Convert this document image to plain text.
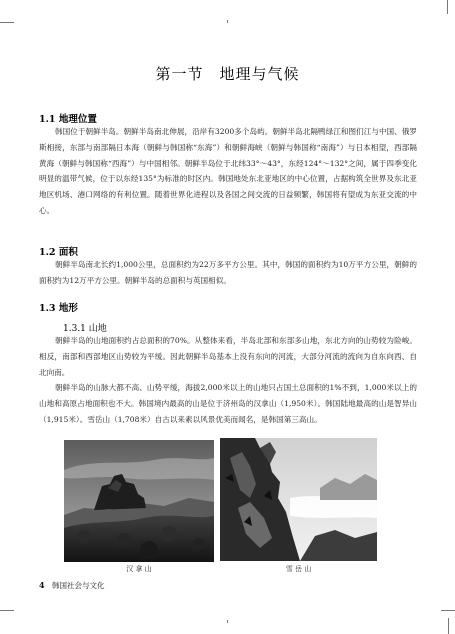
第一节　地理与气候
1.1 地理位置

韩国位于朝鲜半岛。朝鲜半岛南北伸展，沿岸有3200多个岛屿。朝鲜半岛北隔鸭绿江和图们江与中国、俄罗斯相接，东部与南部隔日本海（朝鲜与韩国称“东海”）和朝鲜海峡（朝鲜与韩国称“南海”）与日本相望，西部隔黄海（朝鲜与韩国称“西海”）与中国相邻。朝鲜半岛位于北纬33°～43°，东经124°～132°之间，属于四季变化明显的温带气候，位于以东经135°为标准的时区内。韩国地处东北亚地区的中心位置，占据构筑全世界及东北亚地区机场、港口网络的有利位置。随着世界化进程以及各国之间交流的日益频繁，韩国将有望成为东亚交流的中心。

1.2 面积

朝鲜半岛南北长约1,000公里，总面积约为22万多平方公里。其中，韩国的面积约为10万平方公里，朝鲜的面积约为12万平方公里。朝鲜半岛的总面积与英国相似。

1.3 地形
1.3.1 山地

朝鲜半岛的山地面积约占总面积的70%。从整体来看，半岛北部和东部多山地，东北方向的山势较为险峻。相反，南部和西部地区山势较为平缓。因此朝鲜半岛基本上没有东向的河流，大部分河流的流向为自东向西、自北向南。

朝鲜半岛的山脉大都不高、山势平缓，海拔2,000米以上的山地只占国土总面积的1%不到，1,000米以上的山地和高原占地面积也不大。韩国境内最高的山是位于济州岛的汉拿山（1,950米）。韩国陆地最高的山是智异山（1,915米）。雪岳山（1,708米）自古以来素以风景优美而闻名，是韩国第三高山。

汉 拿 山	雪 岳 山
4 韩国社会与文化
